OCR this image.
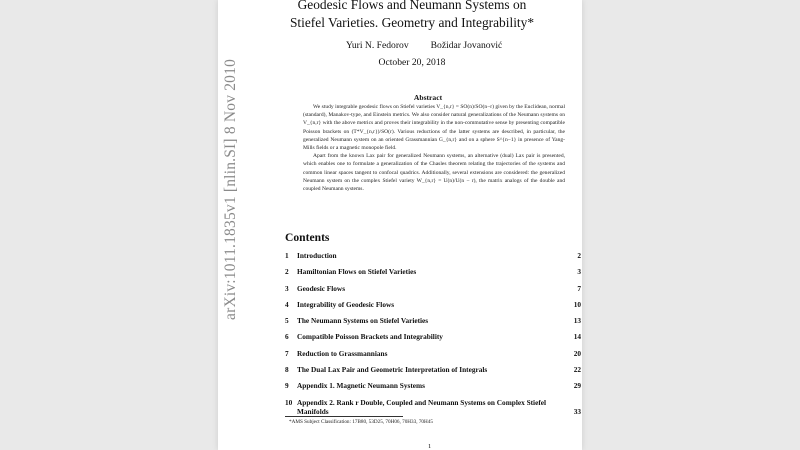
arXiv:1011.1835v1 [nlin.SI] 8 Nov 2010
Geodesic Flows and Neumann Systems on Stiefel Varieties. Geometry and Integrability*
Yuri N. Fedorov Božidar Jovanović
October 20, 2018
Abstract

We study integrable geodesic flows on Stiefel varieties V_{n,r} = SO(n)/SO(n−r) given by the Euclidean, normal (standard), Manakov-type, and Einstein metrics. We also consider natural generalizations of the Neumann systems on V_{n,r} with the above metrics and proves their integrability in the non-commutative sense by presenting compatible Poisson brackets on (T*V_{n,r})/SO(r). Various reductions of the latter systems are described, in particular, the generalized Neumann system on an oriented Grassmannian G_{n,r} and on a sphere S^{n−1} in presence of Yang-Mills fields or a magnetic monopole field.

Apart from the known Lax pair for generalized Neumann systems, an alternative (dual) Lax pair is presented, which enables one to formulate a generalization of the Chasles theorem relating the trajectories of the systems and common linear spaces tangent to confocal quadrics. Additionally, several extensions are considered: the generalized Neumann system on the complex Stiefel variety W_{n,r} = U(n)/U(n − r), the matrix analogs of the double and coupled Neumann systems.

Contents
1	Introduction	2
2	Hamiltonian Flows on Stiefel Varieties	3
3	Geodesic Flows	7
4	Integrability of Geodesic Flows	10
5	The Neumann Systems on Stiefel Varieties	13
6	Compatible Poisson Brackets and Integrability	14
7	Reduction to Grassmannians	20
8	The Dual Lax Pair and Geometric Interpretation of Integrals	22
9	Appendix 1. Magnetic Neumann Systems	29
10 Appendix 2. Rank r Double, Coupled and Neumann Systems on Complex Stiefel Manifolds	33
*AMS Subject Classification: 17B80, 53D25, 70H06, 70H33, 70H45
1
